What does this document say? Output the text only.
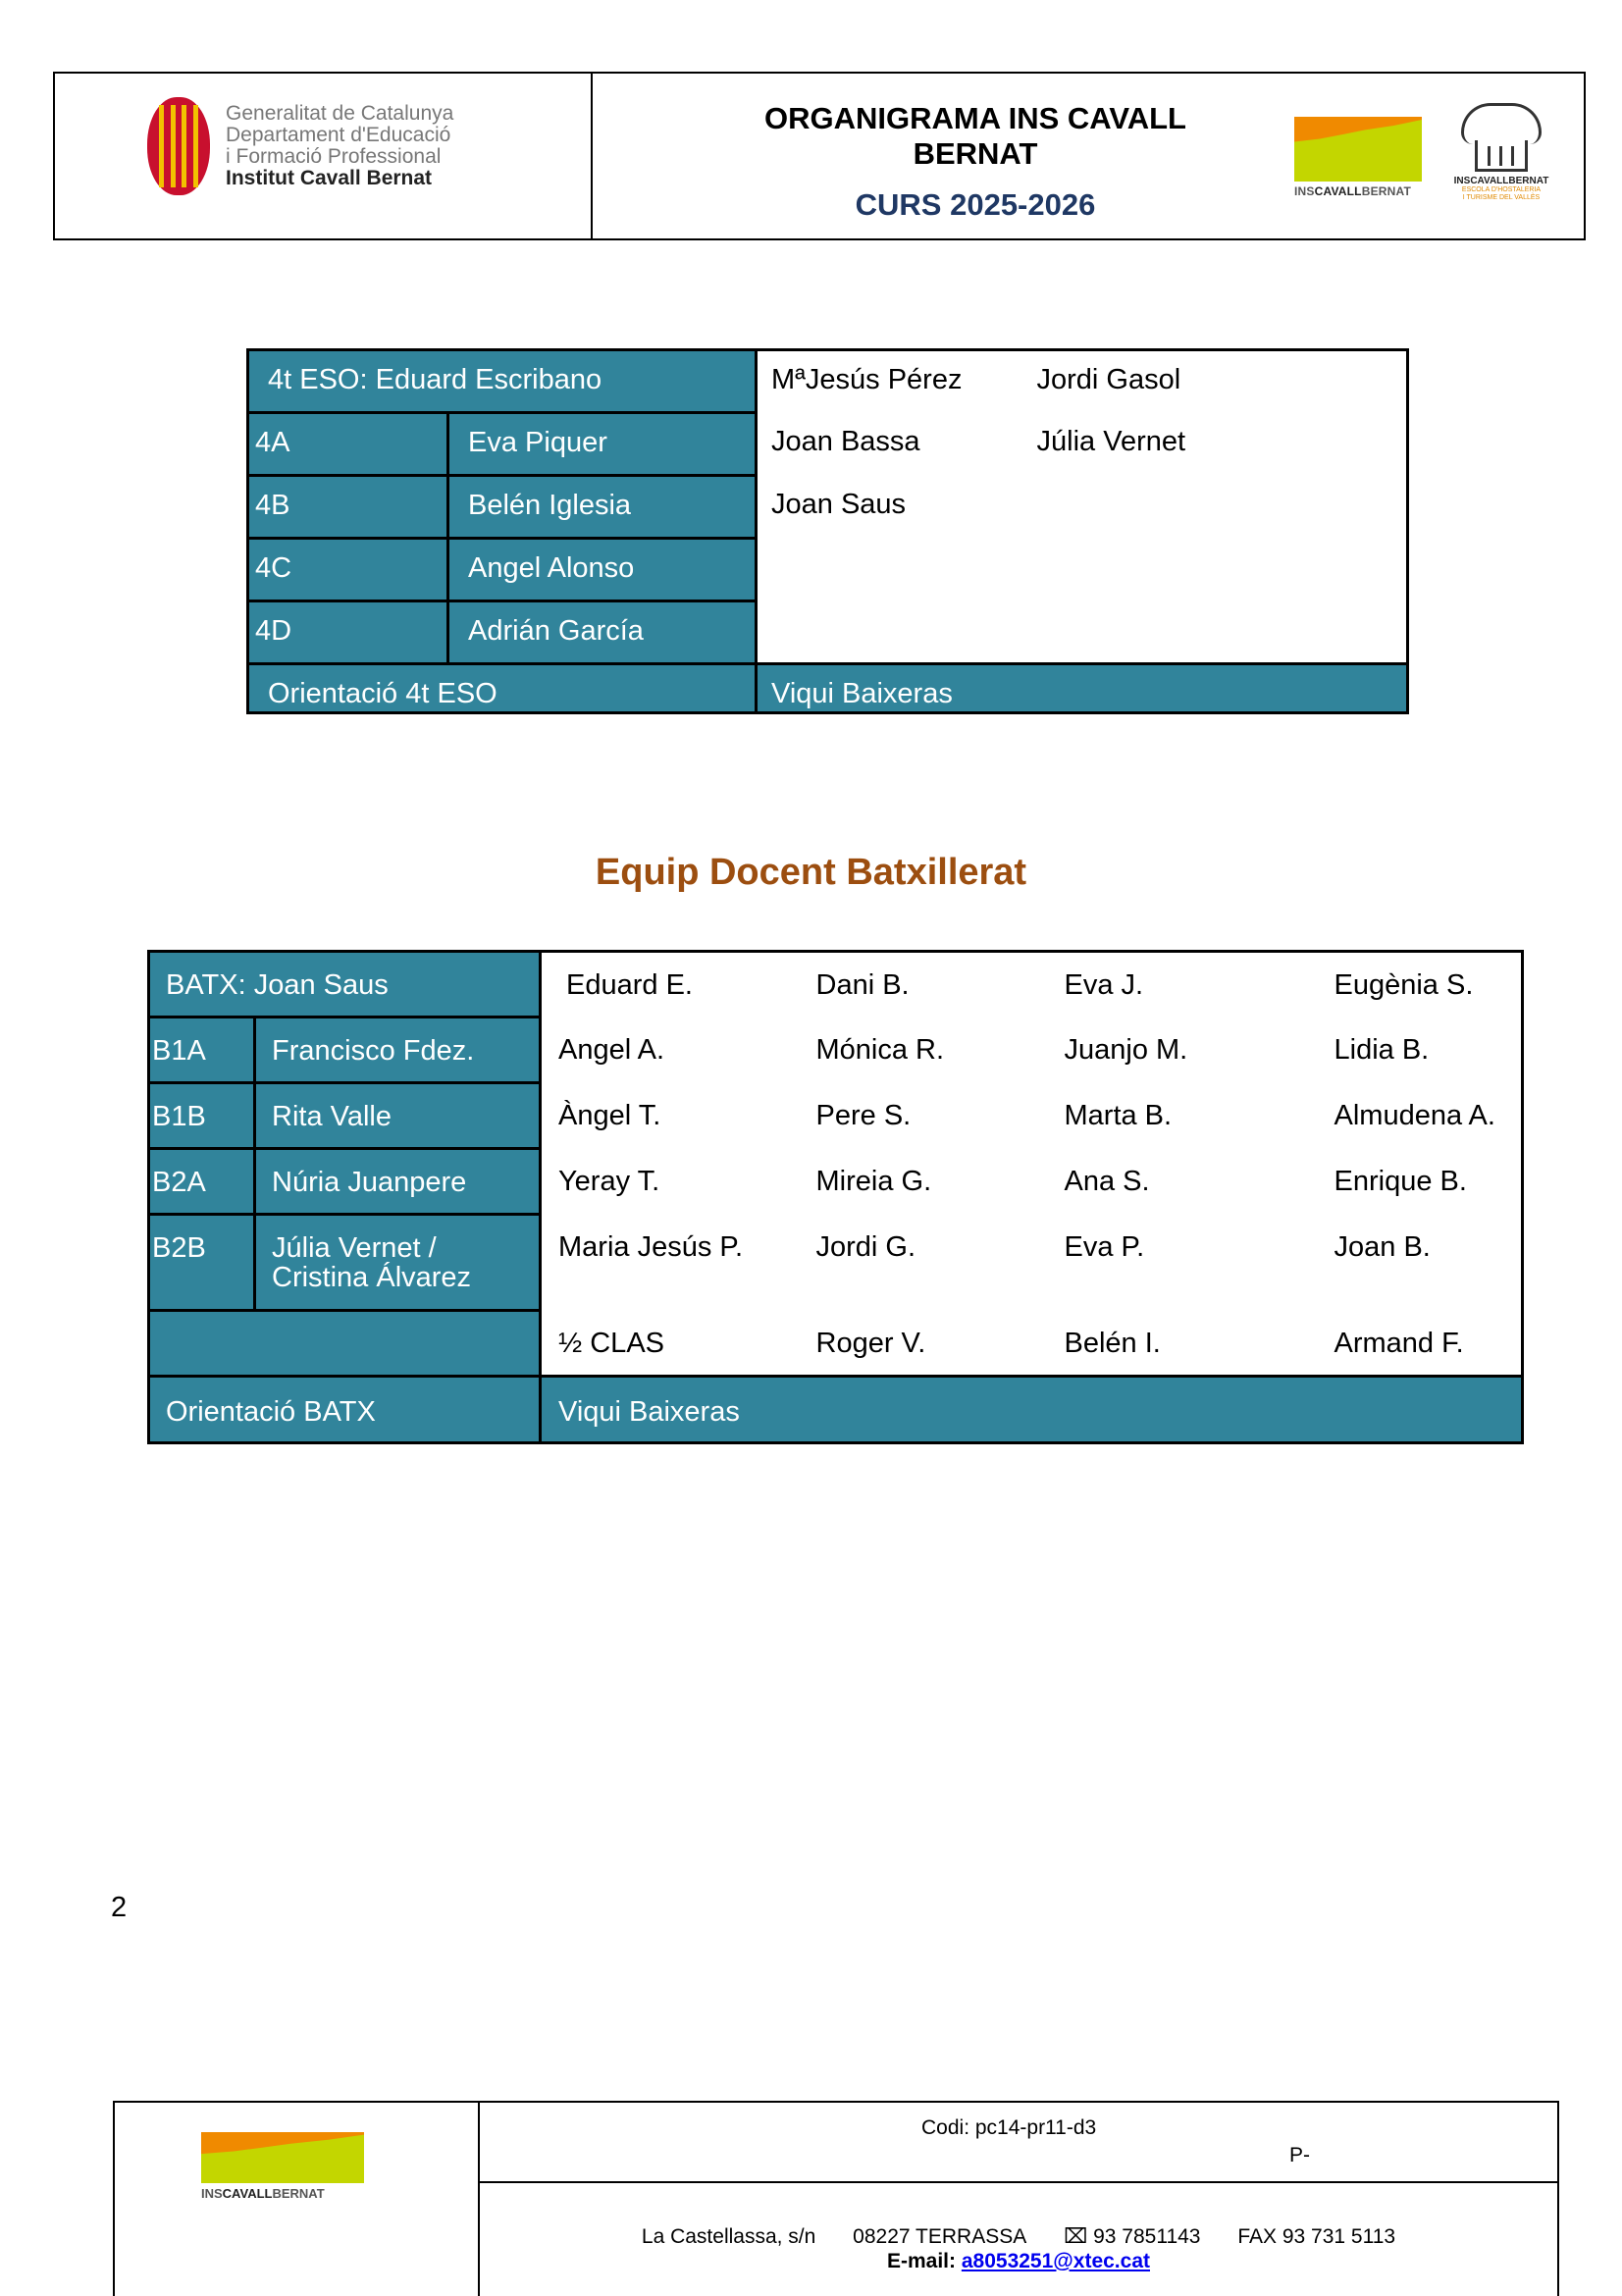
Generalitat de Catalunya
Departament d'Educació
i Formació Professional
Institut Cavall Bernat
ORGANIGRAMA INS CAVALL BERNAT
CURS 2025-2026	INSCAVALLBERNAT
INSCAVALLBERNAT
ESCOLA D'HOSTALERIA
I TURISME DEL VALLÈS
4t ESO: Eduard Escribano		MªJesús Pérez	Jordi Gasol
4A	Eva Piquer	Joan Bassa	Júlia Vernet
4B	Belén Iglesia	Joan Saus	
4C	Angel Alonso		
4D	Adrián García		
Orientació 4t ESO		Viqui Baixeras	
Equip Docent Batxillerat
BATX: Joan Saus		Eduard E.	Dani B.	Eva J.	Eugènia S.
B1A	Francisco Fdez.	Angel A.	Mónica R.	Juanjo M.	Lidia B.
B1B	Rita Valle	Àngel T.	Pere S.	Marta B.	Almudena A.
B2A	Núria Juanpere	Yeray T.	Mireia G.	Ana S.	Enrique B.
B2B	Júlia Vernet / Cristina Álvarez	Maria Jesús P.	Jordi G.	Eva P.	Joan B.
		½ CLAS	Roger V.	Belén I.	Armand F.
Orientació BATX		Viqui Baixeras			
2
INSCAVALLBERNAT
Codi: pc14-pr11-d3
P-
La Castellassa, s/n 08227 TERRASSA ⌧ 93 7851143 FAX 93 731 5113
E-mail: a8053251@xtec.cat
